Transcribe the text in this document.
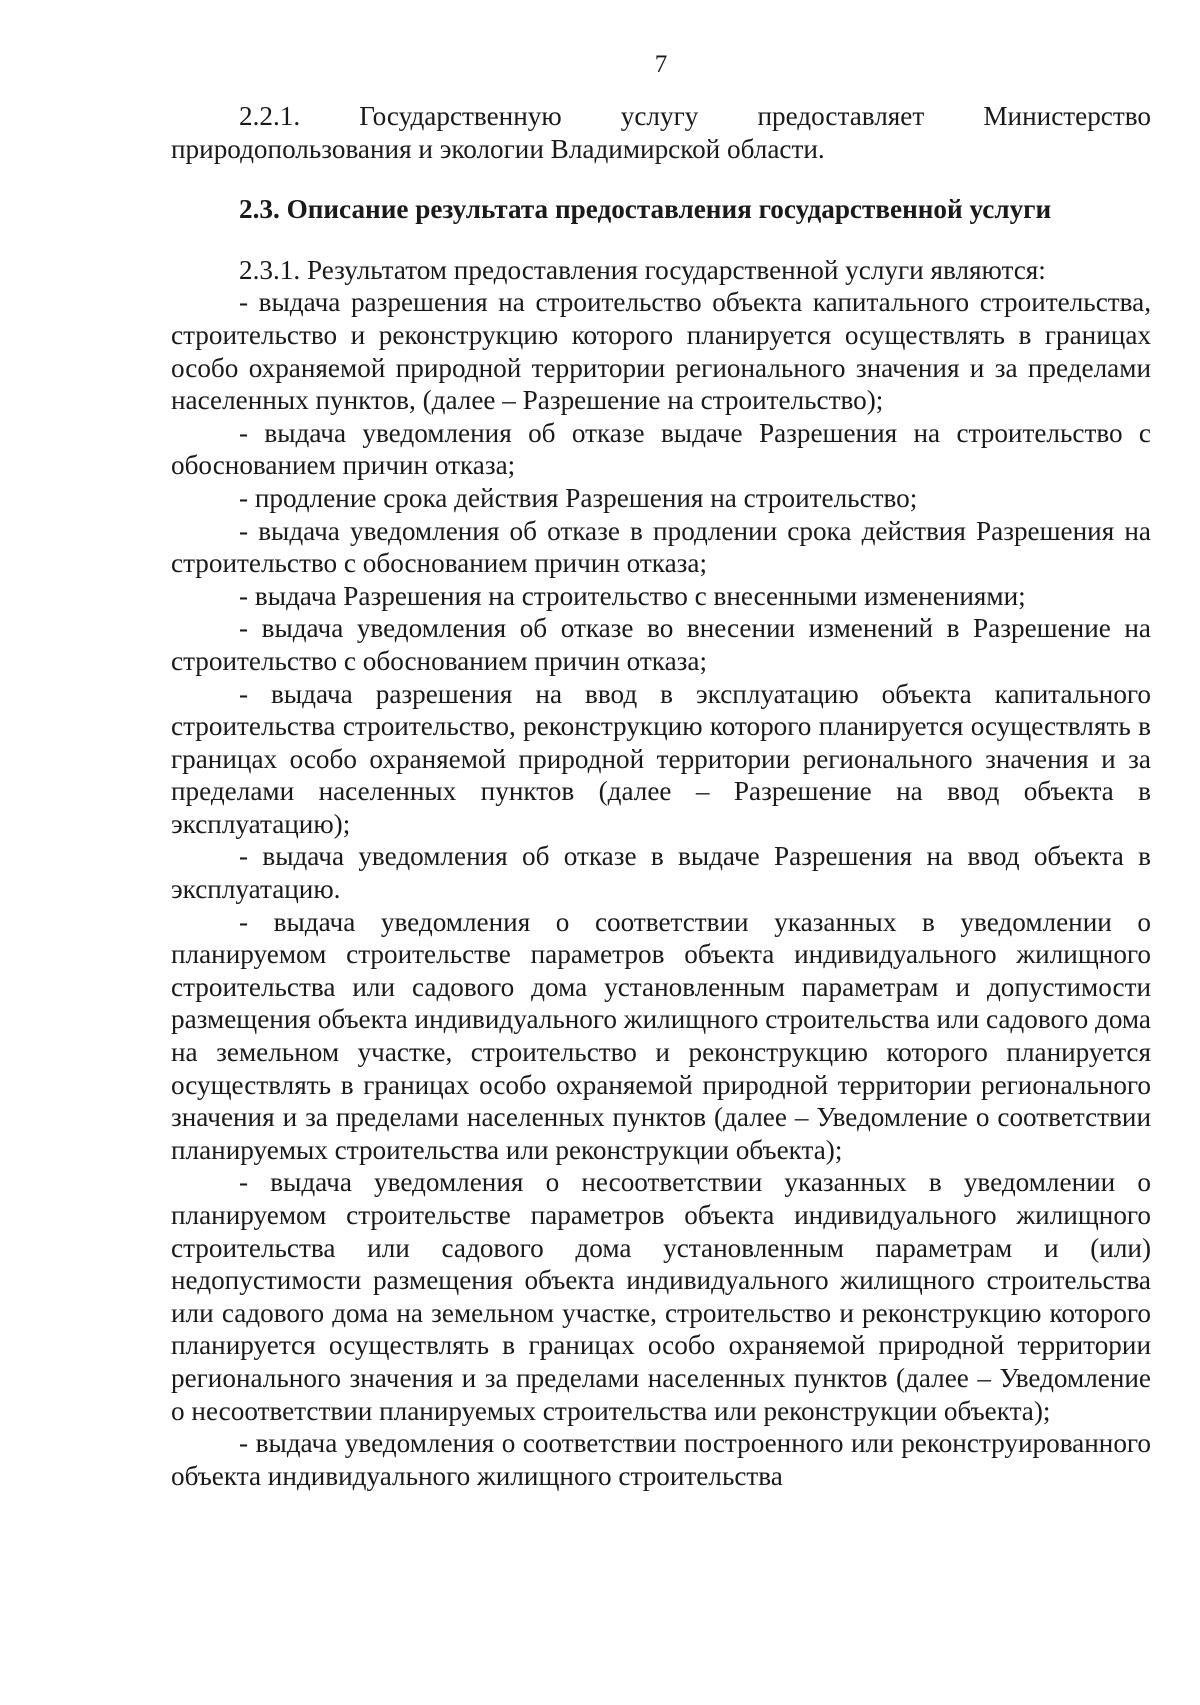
7

2.2.1. Государственную услугу предоставляет Министерство природопользования и экологии Владимирской области.

2.3. Описание результата предоставления государственной услуги

2.3.1. Результатом предоставления государственной услуги являются:

- выдача разрешения на строительство объекта капитального строительства, строительство и реконструкцию которого планируется осуществлять в границах особо охраняемой природной территории регионального значения и за пределами населенных пунктов, (далее – Разрешение на строительство);

- выдача уведомления об отказе выдаче Разрешения на строительство с обоснованием причин отказа;

- продление срока действия Разрешения на строительство;

- выдача уведомления об отказе в продлении срока действия Разрешения на строительство с обоснованием причин отказа;

- выдача Разрешения на строительство с внесенными изменениями;

- выдача уведомления об отказе во внесении изменений в Разрешение на строительство с обоснованием причин отказа;

- выдача разрешения на ввод в эксплуатацию объекта капитального строительства строительство, реконструкцию которого планируется осуществлять в границах особо охраняемой природной территории регионального значения и за пределами населенных пунктов (далее – Разрешение на ввод объекта в эксплуатацию);

- выдача уведомления об отказе в выдаче Разрешения на ввод объекта в эксплуатацию.

- выдача уведомления о соответствии указанных в уведомлении о планируемом строительстве параметров объекта индивидуального жилищного строительства или садового дома установленным параметрам и допустимости размещения объекта индивидуального жилищного строительства или садового дома на земельном участке, строительство и реконструкцию которого планируется осуществлять в границах особо охраняемой природной территории регионального значения и за пределами населенных пунктов (далее – Уведомление о соответствии планируемых строительства или реконструкции объекта);

- выдача уведомления о несоответствии указанных в уведомлении о планируемом строительстве параметров объекта индивидуального жилищного строительства или садового дома установленным параметрам и (или) недопустимости размещения объекта индивидуального жилищного строительства или садового дома на земельном участке, строительство и реконструкцию которого планируется осуществлять в границах особо охраняемой природной территории регионального значения и за пределами населенных пунктов (далее – Уведомление о несоответствии планируемых строительства или реконструкции объекта);

- выдача уведомления о соответствии построенного или реконструированного объекта индивидуального жилищного строительства
